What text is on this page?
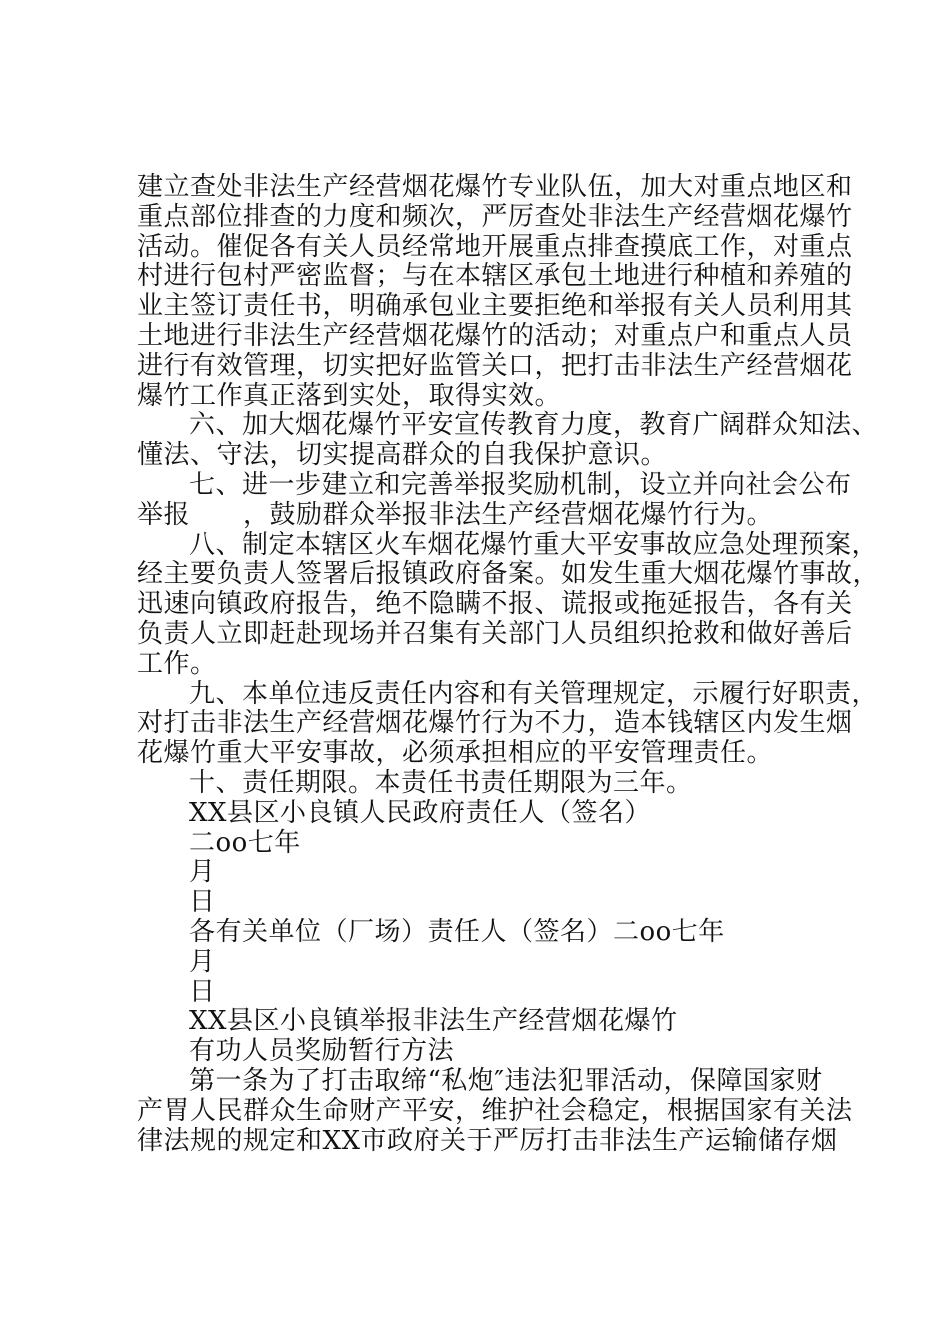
建立查处非法生产经营烟花爆竹专业队伍，加大对重点地区和
重点部位排查的力度和频次，严厉查处非法生产经营烟花爆竹
活动。催促各有关人员经常地开展重点排查摸底工作，对重点
村进行包村严密监督；与在本辖区承包土地进行种植和养殖的
业主签订责任书，明确承包业主要拒绝和举报有关人员利用其
土地进行非法生产经营烟花爆竹的活动；对重点户和重点人员
进行有效管理，切实把好监管关口，把打击非法生产经营烟花
爆竹工作真正落到实处，取得实效。
六、加大烟花爆竹平安宣传教育力度，教育广阔群众知法、
懂法、守法，切实提高群众的自我保护意识。
七、进一步建立和完善举报奖励机制，设立并向社会公布
举报　　，鼓励群众举报非法生产经营烟花爆竹行为。
八、制定本辖区火车烟花爆竹重大平安事故应急处理预案，
经主要负责人签署后报镇政府备案。如发生重大烟花爆竹事故，
迅速向镇政府报告，绝不隐瞒不报、谎报或拖延报告，各有关
负责人立即赶赴现场并召集有关部门人员组织抢救和做好善后
工作。
九、本单位违反责任内容和有关管理规定，示履行好职责，
对打击非法生产经营烟花爆竹行为不力，造本钱辖区内发生烟
花爆竹重大平安事故，必须承担相应的平安管理责任。
十、责任期限。本责任书责任期限为三年。
XX县区小良镇人民政府责任人（签名）
二oo七年
月
日
各有关单位（厂场）责任人（签名）二oo七年
月
日
XX县区小良镇举报非法生产经营烟花爆竹
有功人员奖励暂行方法
第一条为了打击取缔“私炮″违法犯罪活动，保障国家财
产胃人民群众生命财产平安，维护社会稳定，根据国家有关法
律法规的规定和XX市政府关于严厉打击非法生产运输储存烟
